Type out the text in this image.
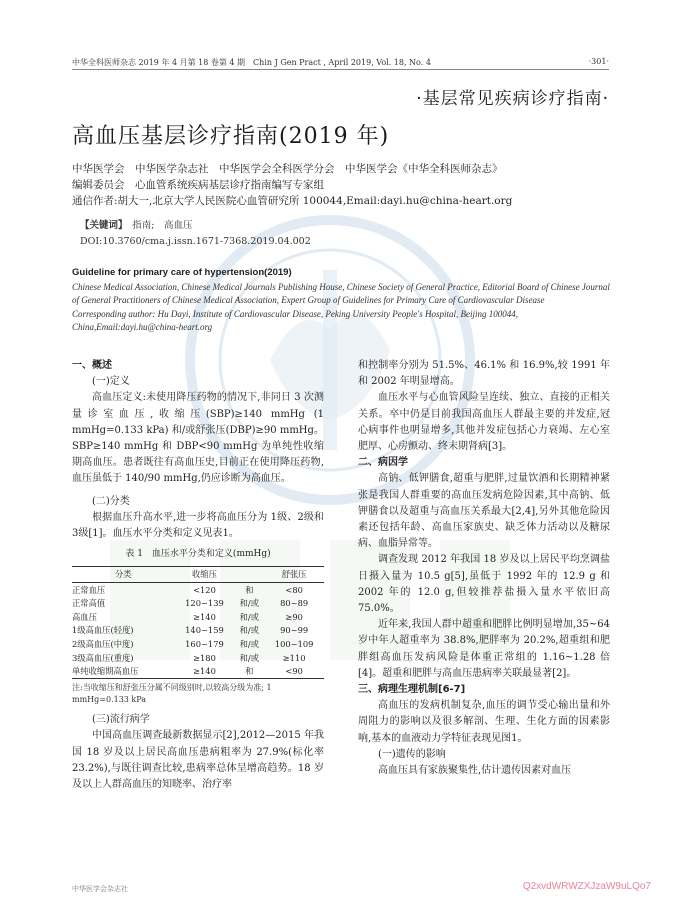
中华全科医师杂志 2019 年 4 月第 18 卷第 4 期　Chin J Gen Pract , April 2019, Vol. 18, No. 4	·301·
·基层常见疾病诊疗指南·
高血压基层诊疗指南(2019 年)
中华医学会　中华医学杂志社　中华医学会全科医学分会　中华医学会《中华全科医师杂志》
编辑委员会　心血管系统疾病基层诊疗指南编写专家组
通信作者:胡大一,北京大学人民医院心血管研究所 100044,Email:dayi.hu@china-heart.org
【关键词】　 指南;　高血压
DOI:10.3760/cma.j.issn.1671-7368.2019.04.002
Guideline for primary care of hypertension(2019)
Chinese Medical Association, Chinese Medical Journals Publishing House, Chinese Society of General Practice, Editorial Board of Chinese Journal of General Practitioners of Chinese Medical Association, Expert Group of Guidelines for Primary Care of Cardiovascular Disease
Corresponding author: Hu Dayi, Institute of Cardiovascular Disease, Peking University People's Hospital, Beijing 100044, China,Email:dayi.hu@china-heart.org
一、概述
(一)定义

高血压定义:未使用降压药物的情况下,非同日 3 次测量诊室血压,收缩压(SBP)≥140 mmHg (1 mmHg=0.133 kPa) 和/或舒张压(DBP)≥90 mmHg。SBP≥140 mmHg 和 DBP<90 mmHg 为单纯性收缩期高血压。患者既往有高血压史,目前正在使用降压药物,血压虽低于 140/90 mmHg,仍应诊断为高血压。

(二)分类

根据血压升高水平,进一步将高血压分为 1级、2级和3级[1]。血压水平分类和定义见表1。

表 1　血压水平分类和定义(mmHg)
分类	收缩压		舒张压
正常血压	<120	和	<80
正常高值	120~139	和/或	80~89
高血压	≥140	和/或	≥90
1级高血压(轻度)	140~159	和/或	90~99
2级高血压(中度)	160~179	和/或	100~109
3级高血压(重度)	≥180	和/或	≥110
单纯收缩期高血压	≥140	和	<90
注:当收缩压和舒张压分属不同级别时,以较高分级为准; 1 mmHg=0.133 kPa
(三)流行病学

中国高血压调查最新数据显示[2],2012—2015 年我国 18 岁及以上居民高血压患病粗率为 27.9%(标化率 23.2%),与既往调查比较,患病率总体呈增高趋势。18 岁及以上人群高血压的知晓率、治疗率

和控制率分别为 51.5%、46.1% 和 16.9%,较 1991 年和 2002 年明显增高。

血压水平与心血管风险呈连续、独立、直接的正相关关系。卒中仍是目前我国高血压人群最主要的并发症,冠心病事件也明显增多,其他并发症包括心力衰竭、左心室肥厚、心房颤动、终末期肾病[3]。

二、病因学

高钠、低钾膳食,超重与肥胖,过量饮酒和长期精神紧张是我国人群重要的高血压发病危险因素,其中高钠、低钾膳食以及超重与高血压关系最大[2,4],另外其他危险因素还包括年龄、高血压家族史、缺乏体力活动以及糖尿病、血脂异常等。

调查发现 2012 年我国 18 岁及以上居民平均烹调盐日摄入量为 10.5 g[5],虽低于 1992 年的 12.9 g 和 2002 年的 12.0 g,但较推荐盐摄入量水平依旧高 75.0%。

近年来,我国人群中超重和肥胖比例明显增加,35~64 岁中年人超重率为 38.8%,肥胖率为 20.2%,超重组和肥胖组高血压发病风险是体重正常组的 1.16~1.28 倍[4]。超重和肥胖与高血压患病率关联最显著[2]。

三、病理生理机制[6-7]

高血压的发病机制复杂,血压的调节受心输出量和外周阻力的影响以及很多解剖、生理、生化方面的因素影响,基本的血液动力学特征表现见图1。

(一)遗传的影响

高血压具有家族聚集性,估计遗传因素对血压

中华医学会杂志社	Q2xvdWRWZXJzaW9uLQo7
